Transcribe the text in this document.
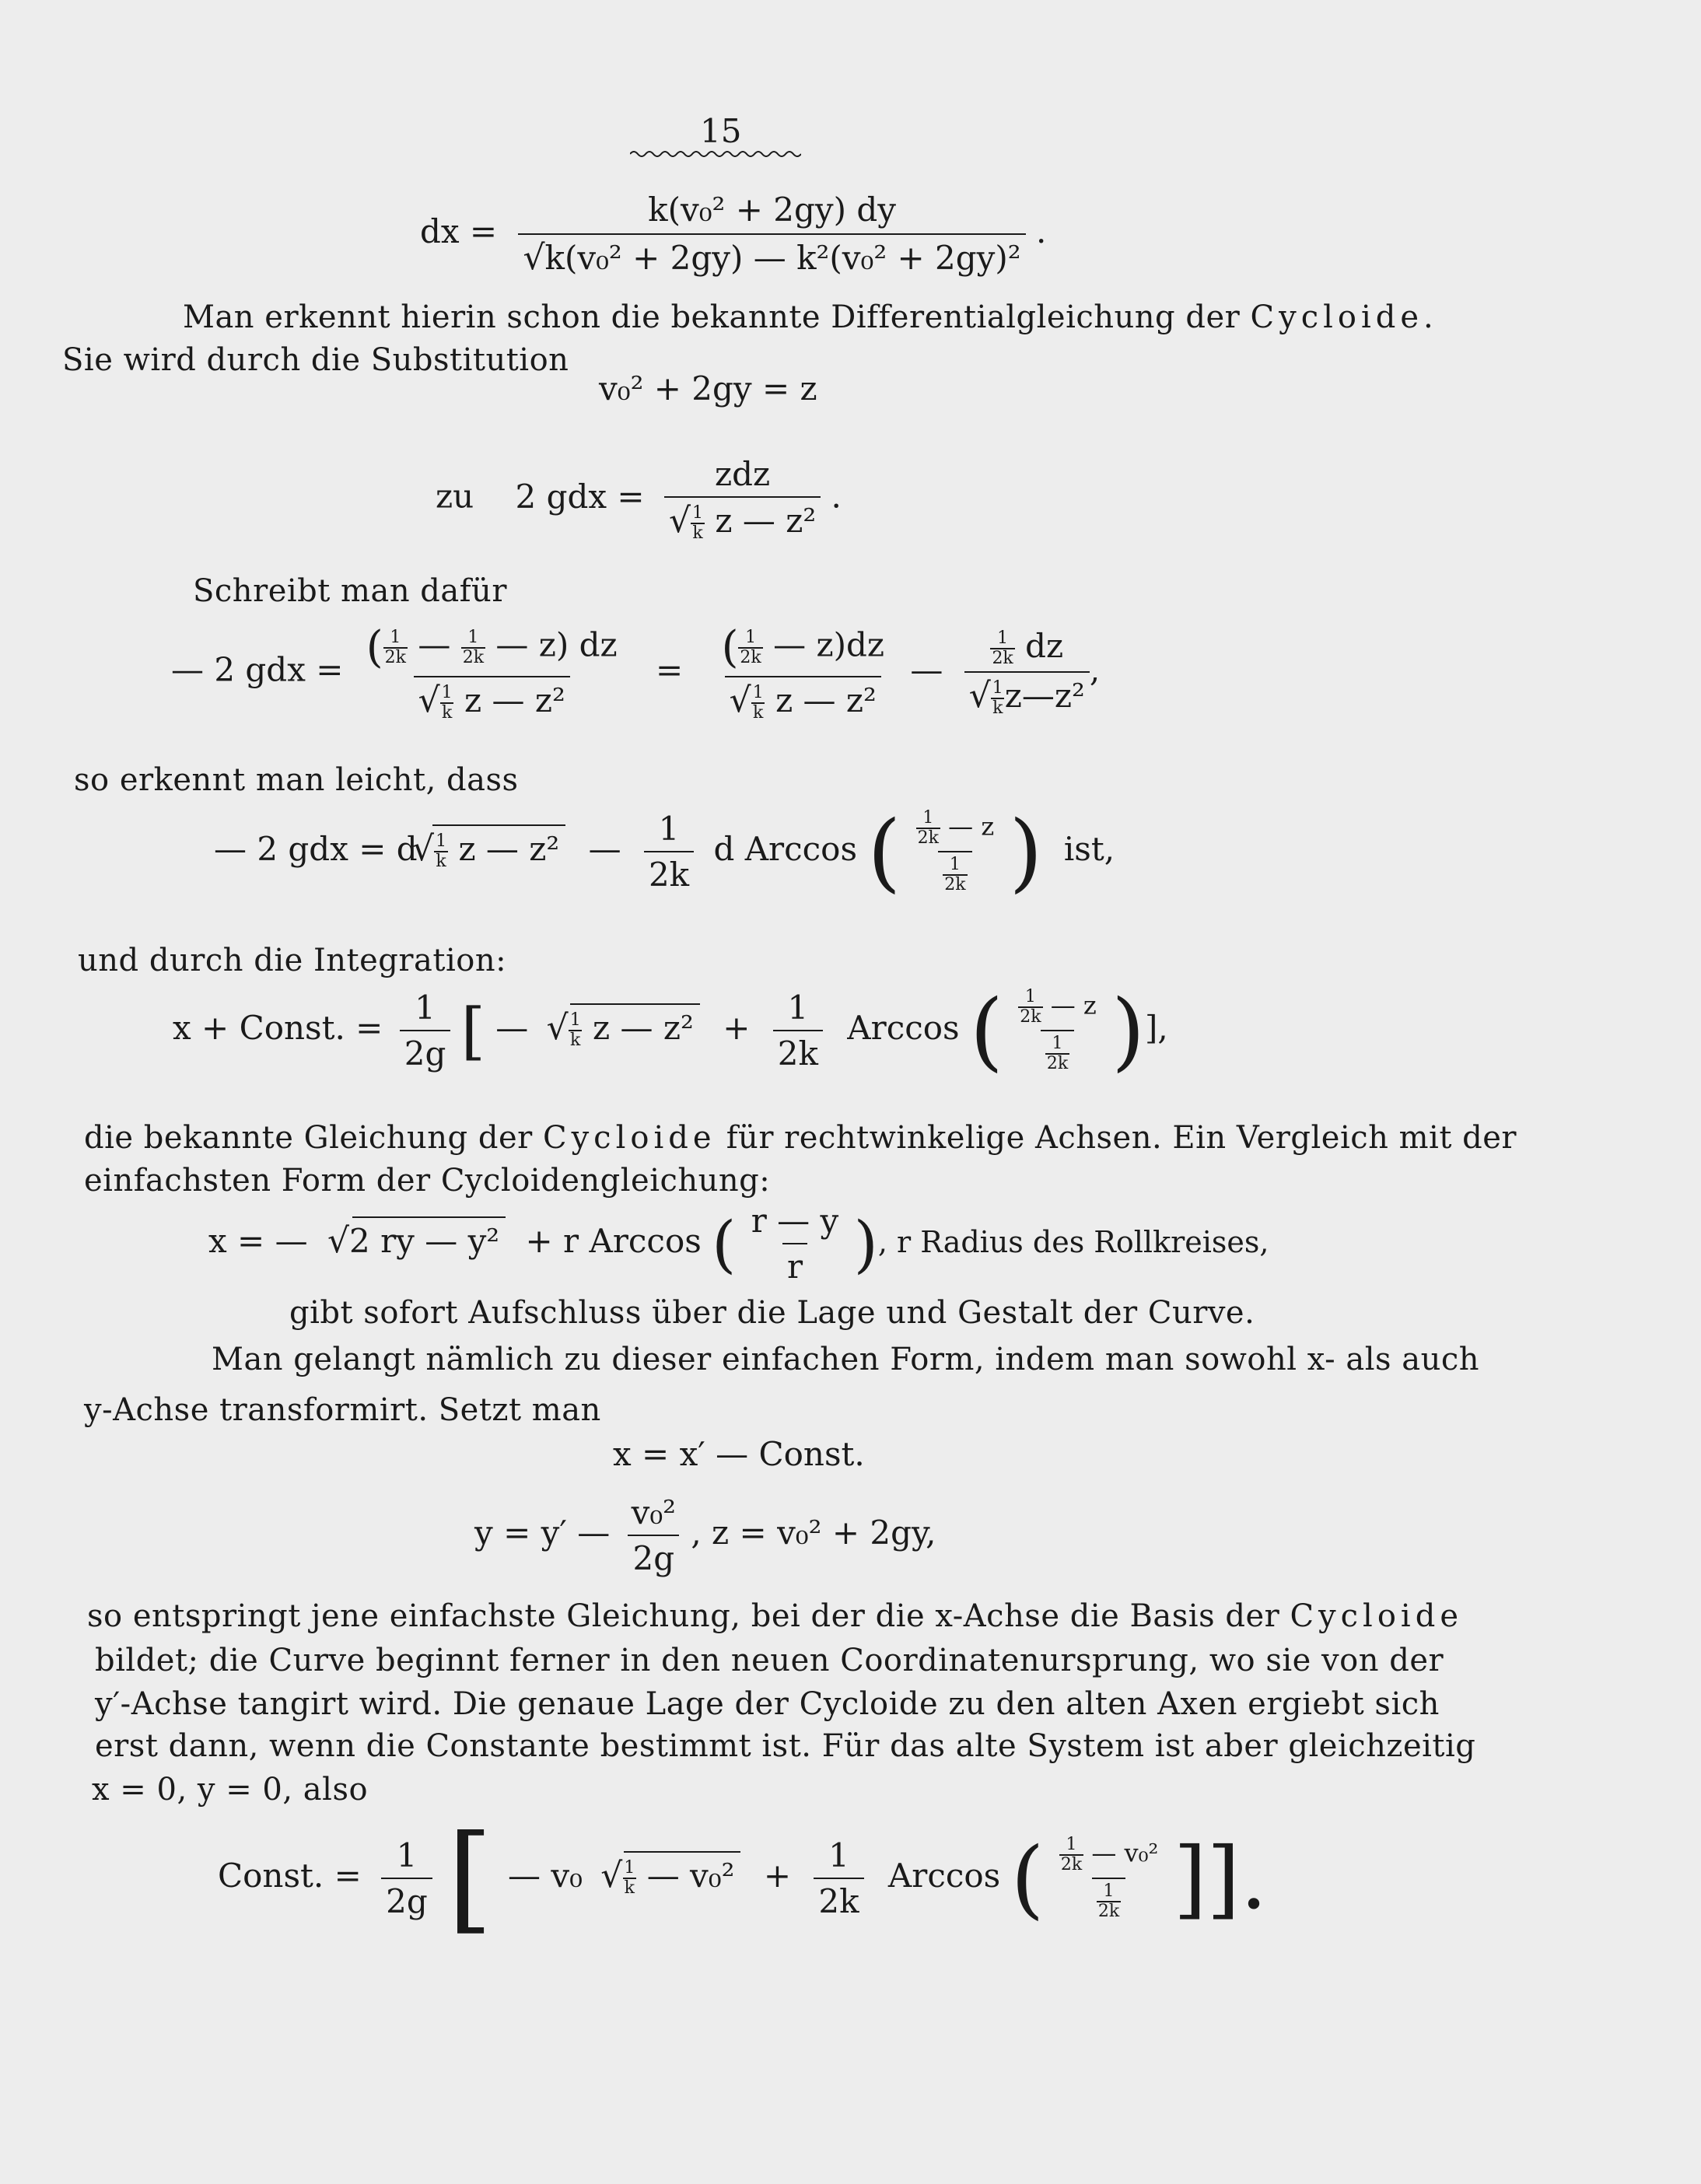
15
dx = $\frac{\text{k(v₀² + 2gy) dy}}{\text{√k(v₀² + 2gy) — k²(v₀² + 2gy)²}}$ .
Man erkennt hierin schon die bekannte Differentialgleichung der Cycloide.
Sie wird durch die Substitution
v₀² + 2gy = z
zu 2 gdx = $\frac{\text{zdz}}{√ \frac{1}{k} z — z^2}$ .
Schreibt man dafür
— 2 gdx = $\frac{( \frac{1}{2k} — \frac{1}{2k} — z) dz}{√ \frac{1}{k} z — z^2} = \frac{( \frac{1}{2k} — z)dz}{√ \frac{1}{k} z — z^2}$ — $\frac{\frac{1}{2k} dz}{√ \frac{1}{k} z—z^2}$ ,
so erkennt man leicht, dass
— 2 gdx = d √ $\frac{1}{k}$ z — z² — $\frac{1}{2k}$ d Arccos ( $\frac{\frac{1}{2k} — z}{\frac{1}{2k}}$ ) ist,
und durch die Integration:
x + Const. = $\frac{1}{2g}$ [ — √ $\frac{1}{k}$ z — $z^2 + \frac{1}{2k}$ Arccos ( $\frac{\frac{1}{2k} — z}{\frac{1}{2k}}$ )],
die bekannte Gleichung der Cycloide für rechtwinkelige Achsen. Ein Vergleich mit der
einfachsten Form der Cycloidengleichung:
x = — √2 ry — y² + r Arccos ( $\frac{r — y}{r}$ ), r Radius des Rollkreises,
gibt sofort Aufschluss über die Lage und Gestalt der Curve.
Man gelangt nämlich zu dieser einfachen Form, indem man sowohl x- als auch
y-Achse transformirt. Setzt man
x = x′ — Const.
y = y′ — $\frac{\text{v₀²}}{2g}$ , z = v₀² + 2gy,
so entspringt jene einfachste Gleichung, bei der die x-Achse die Basis der Cycloide
bildet; die Curve beginnt ferner in den neuen Coordinatenursprung, wo sie von der
y′-Achse tangirt wird. Die genaue Lage der Cycloide zu den alten Axen ergiebt sich
erst dann, wenn die Constante bestimmt ist. Für das alte System ist aber gleichzeitig
x = 0, y = 0, also
Const. = $\frac{1}{2g}$ [ — v₀ √ $\frac{1}{k}$ — $v_0^2 + \frac{1}{2k}$ Arccos ( $\frac{\frac{1}{2k} — v_0^2}{\frac{1}{2k}}$ ]].
